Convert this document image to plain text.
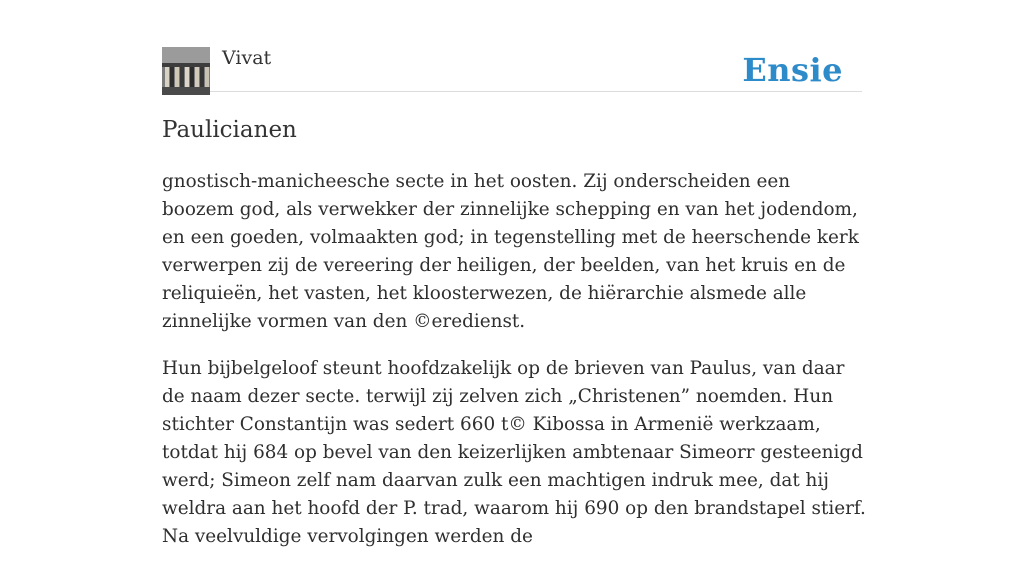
Vivat	Ensie
Paulicianen

gnostisch-manicheesche secte in het oosten. Zij onderscheiden een boozem god, als verwekker der zinnelijke schepping en van het jodendom, en een goeden, volmaakten god; in tegenstelling met de heerschende kerk verwerpen zij de vereering der heiligen, der beelden, van het kruis en de reliquieën, het vasten, het kloosterwezen, de hiërarchie alsmede alle zinnelijke vormen van den ©eredienst.

Hun bijbelgeloof steunt hoofdzakelijk op de brieven van Paulus, van daar de naam dezer secte. terwijl zij zelven zich „Christenen” noemden. Hun stichter Constantijn was sedert 660 t© Kibossa in Armenië werkzaam, totdat hij 684 op bevel van den keizerlijken ambtenaar Simeorr gesteenigd werd; Simeon zelf nam daarvan zulk een machtigen indruk mee, dat hij weldra aan het hoofd der P. trad, waarom hij 690 op den brandstapel stierf. Na veelvuldige vervolgingen werden de
